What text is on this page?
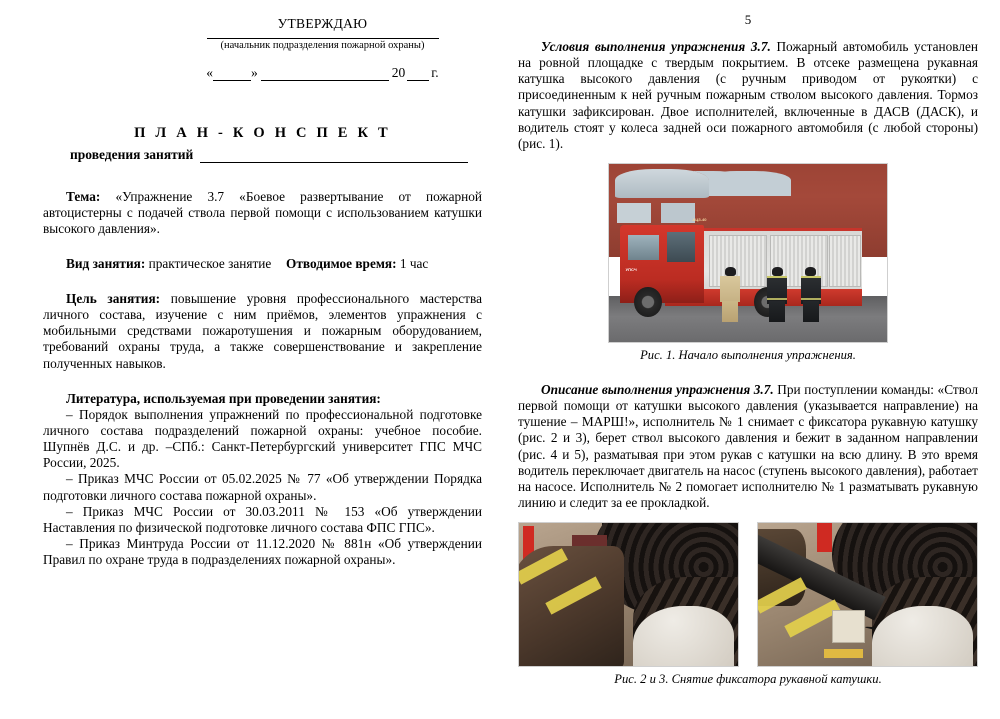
УТВЕРЖДАЮ
(начальник подразделения пожарной охраны)
«	»	20 г.
П Л А Н - К О Н С П Е К Т
проведения занятий

Тема: «Упражнение 3.7 «Боевое развертывание от пожарной автоцистерны с подачей ствола первой помощи с использованием катушки высокого давления».

Вид занятия: практическое занятие	Отводимое время: 1 час

Цель занятия: повышение уровня профессионального мастерства личного состава, изучение с ним приёмов, элементов упражнения с мобильными средствами пожаротушения и пожарным оборудованием, требований охраны труда, а также совершенствование и закрепление полученных навыков.

Литература, используемая при проведении занятия:

– Порядок выполнения упражнений по профессиональной подготовке личного состава подразделений пожарной охраны: учебное пособие. Шупнёв Д.С. и др. –СПб.: Санкт-Петербургский университет ГПС МЧС России, 2025.

– Приказ МЧС России от 05.02.2025 № 77 «Об утверждении Порядка подготовки личного состава пожарной охраны».

– Приказ МЧС России от 30.03.2011 № 153 «Об утверждении Наставления по физической подготовке личного состава ФПС ГПС».

– Приказ Минтруда России от 11.12.2020 № 881н «Об утверждении Правил по охране труда в подразделениях пожарной охраны».

5

Условия выполнения упражнения 3.7. Пожарный автомобиль установлен на ровной площадке с твердым покрытием. В отсеке размещена рукавная катушка высокого давления (с ручным приводом от рукоятки) с присоединенным к ней ручным пожарным стволом высокого давления. Тормоз катушки зафиксирован. Двое исполнителей, включенные в ДАСВ (ДАСК), и водитель стоят у колеса задней оси пожарного автомобиля (с любой стороны) (рис. 1).

УПСЧ
АЦЗ-40
Рис. 1. Начало выполнения упражнения.

Описание выполнения упражнения 3.7. При поступлении команды: «Ствол первой помощи от катушки высокого давления (указывается направление) на тушение – МАРШ!», исполнитель № 1 снимает с фиксатора рукавную катушку (рис. 2 и 3), берет ствол высокого давления и бежит в заданном направлении (рис. 4 и 5), разматывая при этом рукав с катушки на всю длину. В это время водитель переключает двигатель на насос (ступень высокого давления), работает на насосе. Исполнитель № 2 помогает исполнителю № 1 разматывать рукавную линию и следит за ее прокладкой.

Рис. 2 и 3. Снятие фиксатора рукавной катушки.
